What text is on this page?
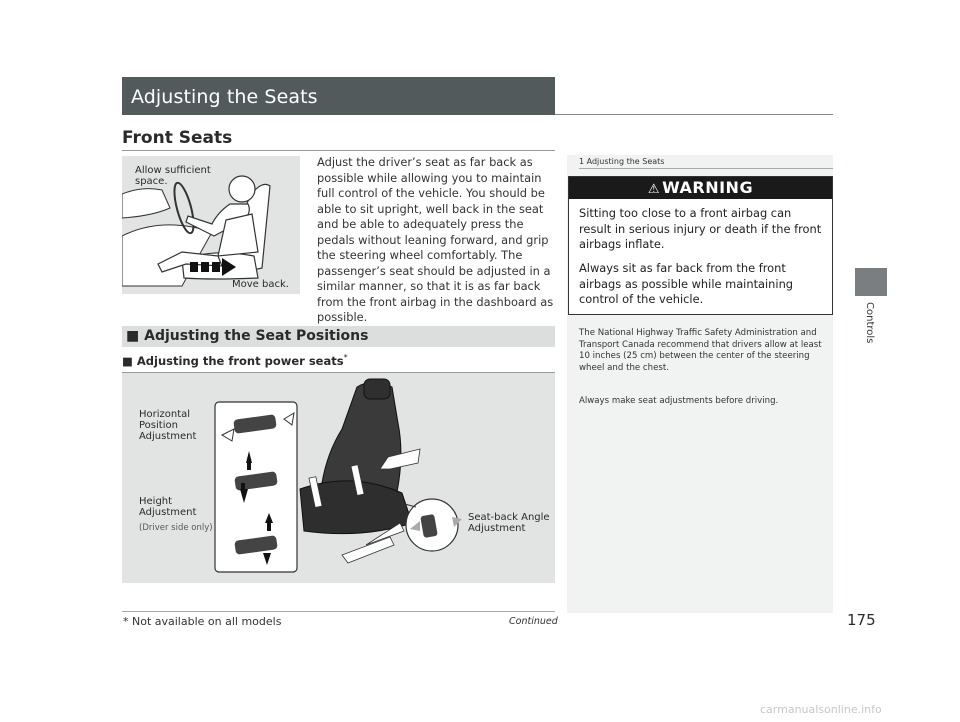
Adjusting the Seats
Front Seats
Allow sufficient space.
Move back.
Adjust the driver’s seat as far back as possible while allowing you to maintain full control of the vehicle. You should be able to sit upright, well back in the seat and be able to adequately press the pedals without leaning forward, and grip the steering wheel comfortably. The passenger’s seat should be adjusted in a similar manner, so that it is as far back from the front airbag in the dashboard as possible.
■ Adjusting the Seat Positions
■ Adjusting the front power seats*
Horizontal Position Adjustment
Height Adjustment
(Driver side only)
Seat-back Angle Adjustment
1 Adjusting the Seats
⚠ WARNING
Sitting too close to a front airbag can result in serious injury or death if the front airbags inflate.
Always sit as far back from the front airbags as possible while maintaining control of the vehicle.
The National Highway Traffic Safety Administration and Transport Canada recommend that drivers allow at least 10 inches (25 cm) between the center of the steering wheel and the chest.
Always make seat adjustments before driving.
Controls
* Not available on all models	Continued	175
carmanualsonline.info
